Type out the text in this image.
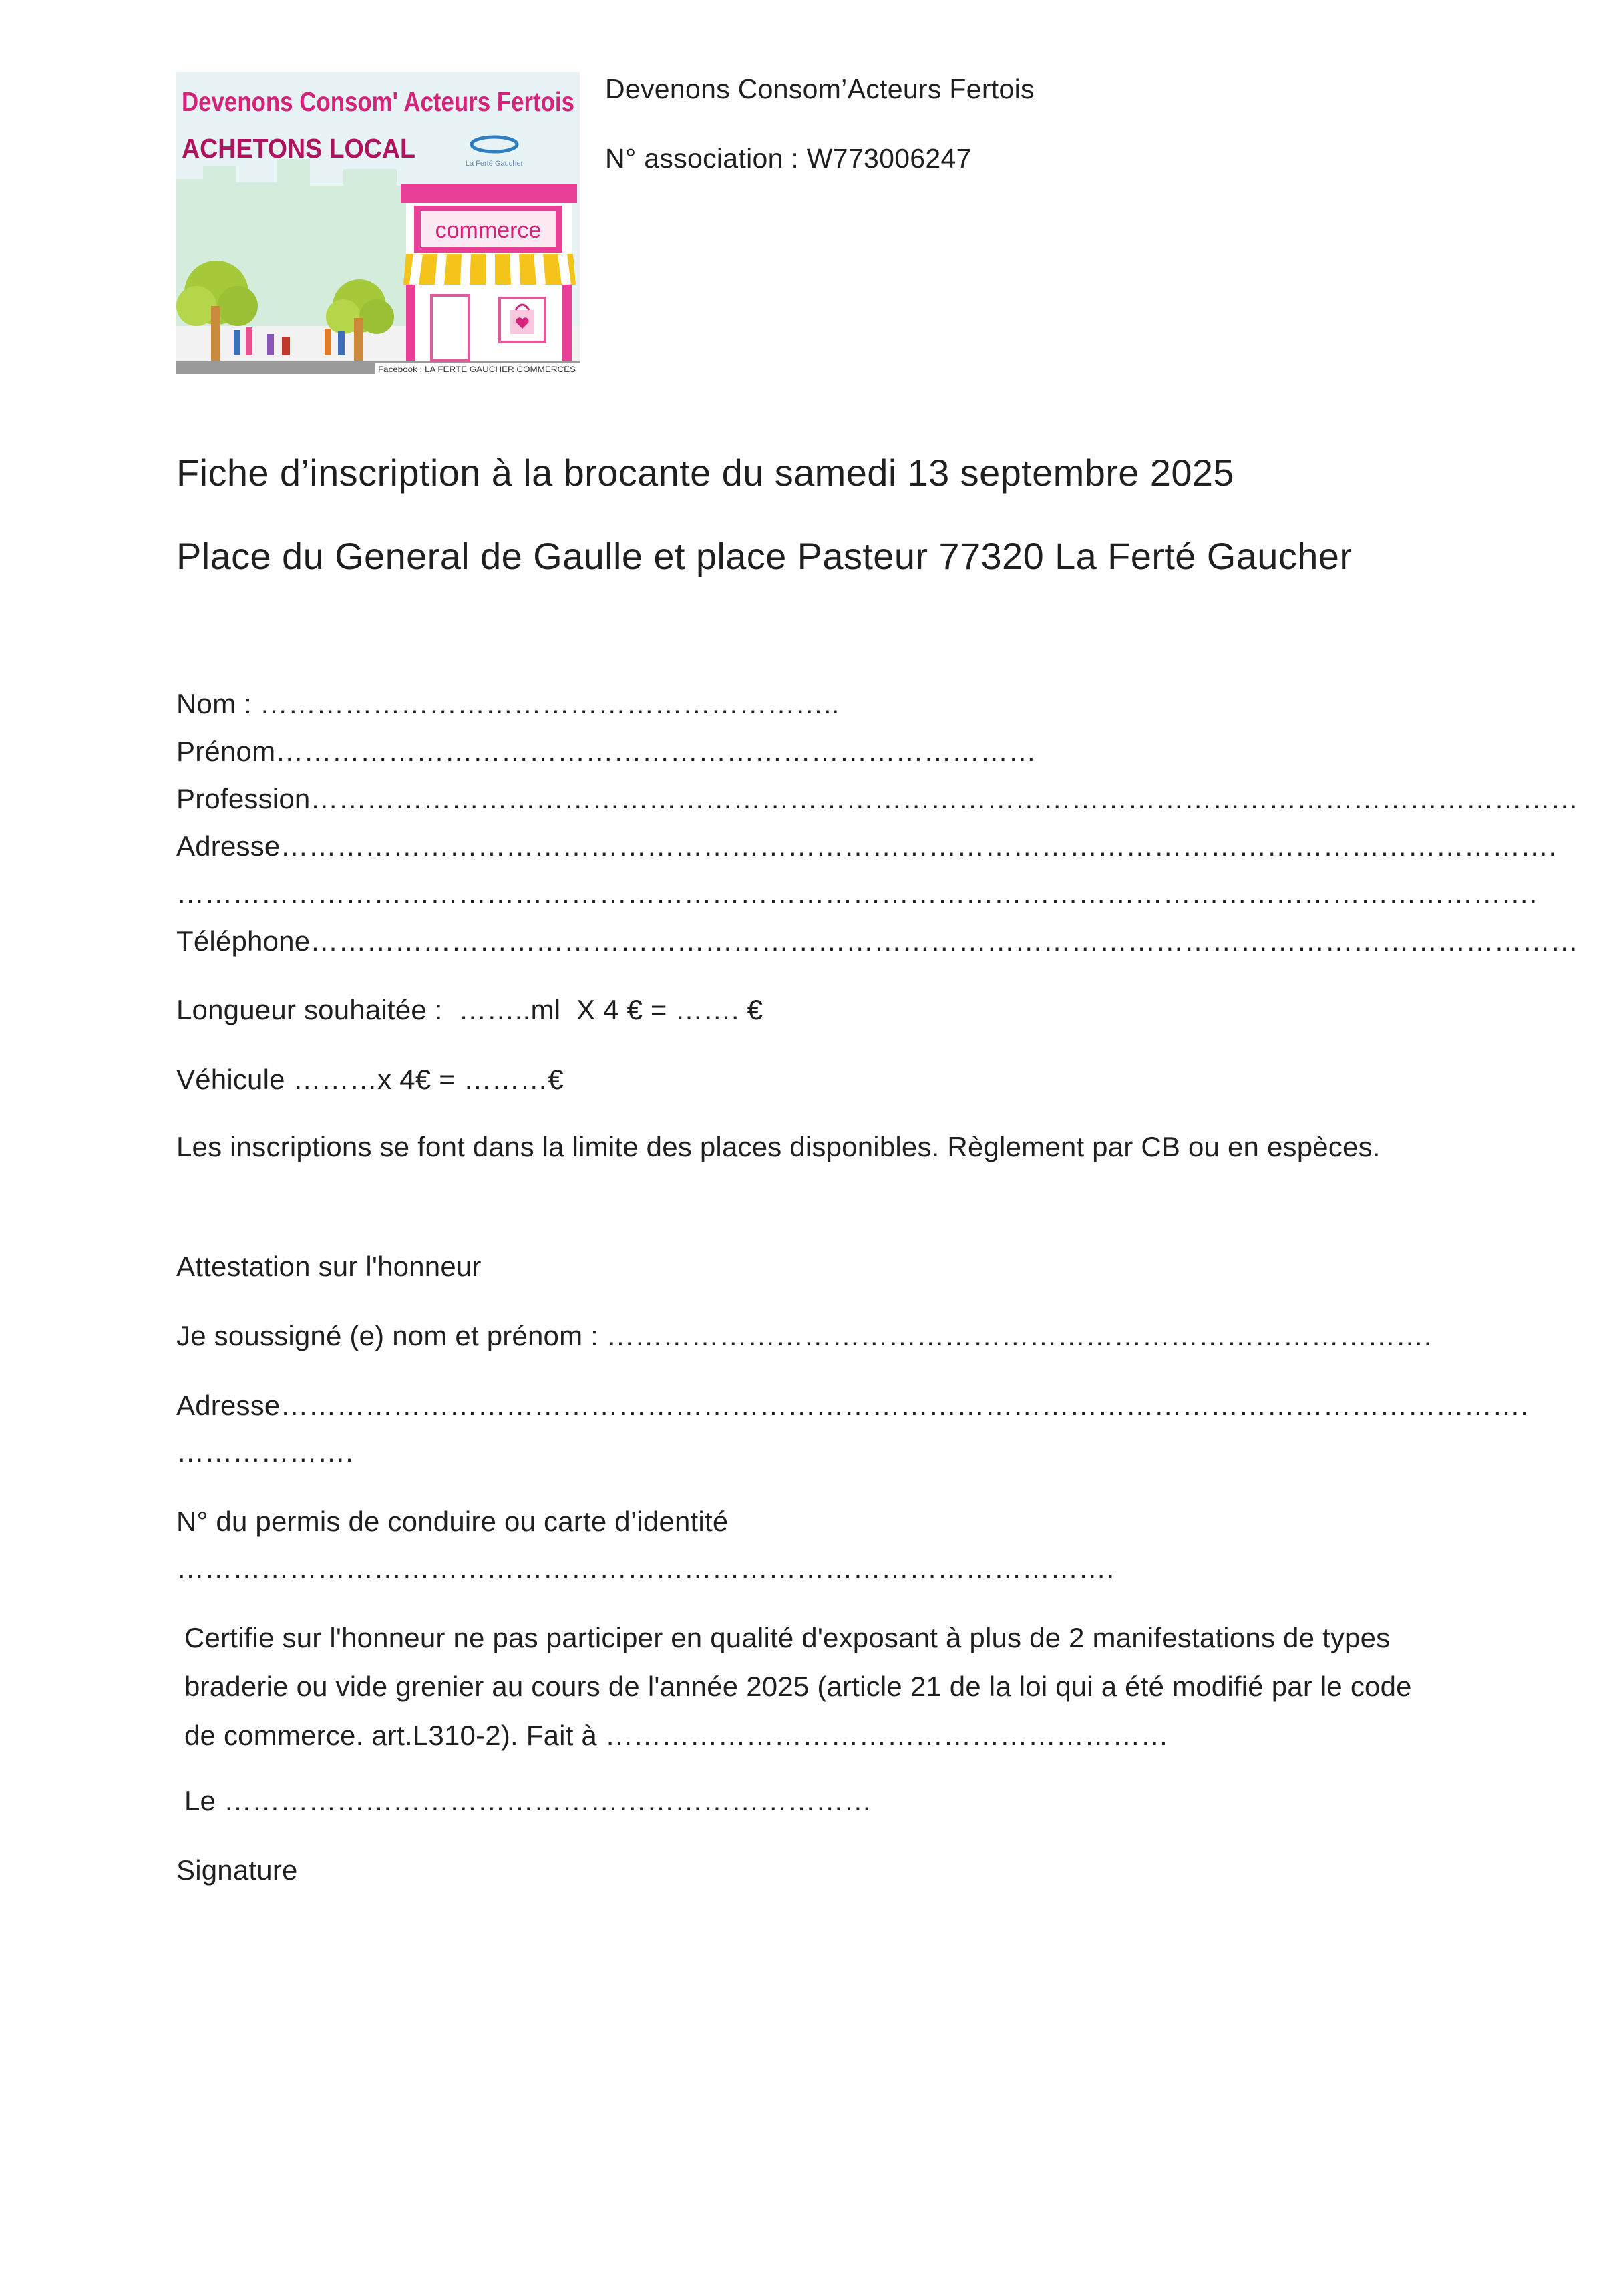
commerce
Devenons Consom' Acteurs Fertois
ACHETONS LOCAL	La Ferté Gaucher
Facebook : LA FERTE GAUCHER COMMERCES
Devenons Consom’Acteurs Fertois
N° association : W773006247
Fiche d’inscription à la brocante du samedi 13 septembre 2025
Place du General de Gaulle et place Pasteur 77320 La Ferté Gaucher
Nom : ……………………………………………………..
Prénom………………………………………………………………………
Profession………………………………………………………………………………………………………………………
Adresse……………………………………………………………………………………………………………………….
……………………………………………………………………………………………………………………………….
Téléphone………………………………………………………………………………………………………………………
Longueur souhaitée :  ……..ml  X 4 € = ……. €
Véhicule ………x 4€ = ………€
Les inscriptions se font dans la limite des places disponibles. Règlement par CB ou en espèces.
Attestation sur l'honneur
Je soussigné (e) nom et prénom : …………………………………………………………………………….
Adresse…………………………………………………………………………………………………………………….
……………….
N° du permis de conduire ou carte d’identité
……………………………………………………………………………………….
Certifie sur l'honneur ne pas participer en qualité d'exposant à plus de 2 manifestations de types braderie ou vide grenier au cours de l'année 2025 (article 21 de la loi qui a été modifié par le code de commerce. art.L310-2). Fait à ……………………………………………………
Le ……………………………………………………………
Signature
